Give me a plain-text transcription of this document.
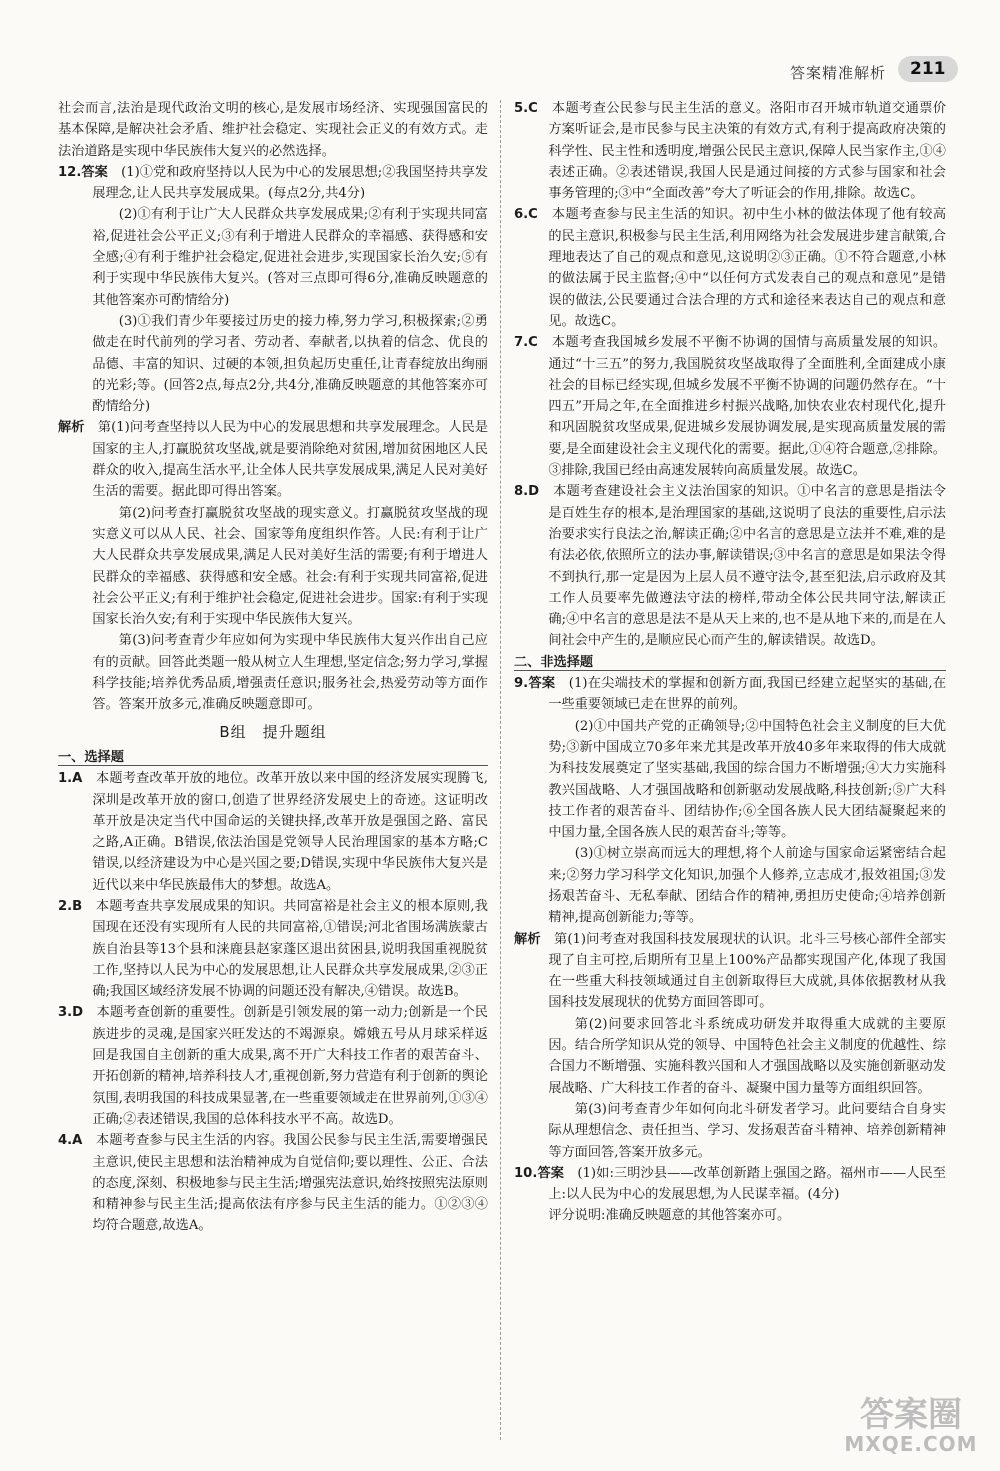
答案精准解析	211

社会而言,法治是现代政治文明的核心,是发展市场经济、实现强国富民的基本保障,是解决社会矛盾、维护社会稳定、实现社会正义的有效方式。走法治道路是实现中华民族伟大复兴的必然选择。

12.答案　 (1)①党和政府坚持以人民为中心的发展思想;②我国坚持共享发展理念,让人民共享发展成果。(每点2分,共4分)

(2)①有利于让广大人民群众共享发展成果;②有利于实现共同富裕,促进社会公平正义;③有利于增进人民群众的幸福感、获得感和安全感;④有利于维护社会稳定,促进社会进步,实现国家长治久安;⑤有利于实现中华民族伟大复兴。(答对三点即可得6分,准确反映题意的其他答案亦可酌情给分)

(3)①我们青少年要接过历史的接力棒,努力学习,积极探索;②勇做走在时代前列的学习者、劳动者、奉献者,以执着的信念、优良的品德、丰富的知识、过硬的本领,担负起历史重任,让青春绽放出绚丽的光彩;等。(回答2点,每点2分,共4分,准确反映题意的其他答案亦可酌情给分)

解析　 第(1)问考查坚持以人民为中心的发展思想和共享发展理念。人民是国家的主人,打赢脱贫攻坚战,就是要消除绝对贫困,增加贫困地区人民群众的收入,提高生活水平,让全体人民共享发展成果,满足人民对美好生活的需要。据此即可得出答案。

第(2)问考查打赢脱贫攻坚战的现实意义。打赢脱贫攻坚战的现实意义可以从人民、社会、国家等角度组织作答。人民:有利于让广大人民群众共享发展成果,满足人民对美好生活的需要;有利于增进人民群众的幸福感、获得感和安全感。社会:有利于实现共同富裕,促进社会公平正义;有利于维护社会稳定,促进社会进步。国家:有利于实现国家长治久安;有利于实现中华民族伟大复兴。

第(3)问考查青少年应如何为实现中华民族伟大复兴作出自己应有的贡献。回答此类题一般从树立人生理想,坚定信念;努力学习,掌握科学技能;培养优秀品质,增强责任意识;服务社会,热爱劳动等方面作答。答案开放多元,准确反映题意即可。

B组　提升题组

一、选择题

1.A　 本题考查改革开放的地位。改革开放以来中国的经济发展实现腾飞,深圳是改革开放的窗口,创造了世界经济发展史上的奇迹。这证明改革开放是决定当代中国命运的关键抉择,改革开放是强国之路、富民之路,A正确。B错误,依法治国是党领导人民治理国家的基本方略;C错误,以经济建设为中心是兴国之要;D错误,实现中华民族伟大复兴是近代以来中华民族最伟大的梦想。故选A。

2.B　 本题考查共享发展成果的知识。共同富裕是社会主义的根本原则,我国现在还没有实现所有人民的共同富裕,①错误;河北省围场满族蒙古族自治县等13个县和涞鹿县赵家蓬区退出贫困县,说明我国重视脱贫工作,坚持以人民为中心的发展思想,让人民群众共享发展成果,②③正确;我国区域经济发展不协调的问题还没有解决,④错误。故选B。

3.D　 本题考查创新的重要性。创新是引领发展的第一动力;创新是一个民族进步的灵魂,是国家兴旺发达的不竭源泉。嫦娥五号从月球采样返回是我国自主创新的重大成果,离不开广大科技工作者的艰苦奋斗、开拓创新的精神,培养科技人才,重视创新,努力营造有利于创新的舆论氛围,表明我国的科技成果显著,在一些重要领域走在世界前列,①③④正确;②表述错误,我国的总体科技水平不高。故选D。

4.A　 本题考查参与民主生活的内容。我国公民参与民主生活,需要增强民主意识,使民主思想和法治精神成为自觉信仰;要以理性、公正、合法的态度,深刻、积极地参与民主生活;增强宪法意识,始终按照宪法原则和精神参与民主生活;提高依法有序参与民主生活的能力。①②③④均符合题意,故选A。

5.C　 本题考查公民参与民主生活的意义。洛阳市召开城市轨道交通票价方案听证会,是市民参与民主决策的有效方式,有利于提高政府决策的科学性、民主性和透明度,增强公民民主意识,保障人民当家作主,①④表述正确。②表述错误,我国人民是通过间接的方式参与国家和社会事务管理的;③中“全面改善”夸大了听证会的作用,排除。故选C。

6.C　 本题考查参与民主生活的知识。初中生小林的做法体现了他有较高的民主意识,积极参与民主生活,利用网络为社会发展进步建言献策,合理地表达了自己的观点和意见,这说明②③正确。①不符合题意,小林的做法属于民主监督;④中“以任何方式发表自己的观点和意见”是错误的做法,公民要通过合法合理的方式和途径来表达自己的观点和意见。故选C。

7.C　 本题考查我国城乡发展不平衡不协调的国情与高质量发展的知识。通过“十三五”的努力,我国脱贫攻坚战取得了全面胜利,全面建成小康社会的目标已经实现,但城乡发展不平衡不协调的问题仍然存在。“十四五”开局之年,在全面推进乡村振兴战略,加快农业农村现代化,提升和巩固脱贫攻坚成果,促进城乡发展协调发展,是实现高质量发展的需要,是全面建设社会主义现代化的需要。据此,①④符合题意,②排除。③排除,我国已经由高速发展转向高质量发展。故选C。

8.D　 本题考查建设社会主义法治国家的知识。①中名言的意思是指法令是百姓生存的根本,是治理国家的基础,这说明了良法的重要性,启示法治要求实行良法之治,解读正确;②中名言的意思是立法并不难,难的是有法必依,依照所立的法办事,解读错误;③中名言的意思是如果法令得不到执行,那一定是因为上层人员不遵守法令,甚至犯法,启示政府及其工作人员要率先做遵法守法的榜样,带动全体公民共同守法,解读正确;④中名言的意思是法不是从天上来的,也不是从地下来的,而是在人间社会中产生的,是顺应民心而产生的,解读错误。故选D。

二、非选择题

9.答案　 (1)在尖端技术的掌握和创新方面,我国已经建立起坚实的基础,在一些重要领域已走在世界的前列。

(2)①中国共产党的正确领导;②中国特色社会主义制度的巨大优势;③新中国成立70多年来尤其是改革开放40多年来取得的伟大成就为科技发展奠定了坚实基础,我国的综合国力不断增强;④大力实施科教兴国战略、人才强国战略和创新驱动发展战略,科技创新;⑤广大科技工作者的艰苦奋斗、团结协作;⑥全国各族人民大团结凝聚起来的中国力量,全国各族人民的艰苦奋斗;等等。

(3)①树立崇高而远大的理想,将个人前途与国家命运紧密结合起来;②努力学习科学文化知识,加强个人修养,立志成才,报效祖国;③发扬艰苦奋斗、无私奉献、团结合作的精神,勇担历史使命;④培养创新精神,提高创新能力;等等。

解析　 第(1)问考查对我国科技发展现状的认识。北斗三号核心部件全部实现了自主可控,后期所有卫星上100%产品都实现国产化,体现了我国在一些重大科技领域通过自主创新取得巨大成就,具体依据教材从我国科技发展现状的优势方面回答即可。

第(2)问要求回答北斗系统成功研发并取得重大成就的主要原因。结合所学知识从党的领导、中国特色社会主义制度的优越性、综合国力不断增强、实施科教兴国和人才强国战略以及实施创新驱动发展战略、广大科技工作者的奋斗、凝聚中国力量等方面组织回答。

第(3)问考查青少年如何向北斗研发者学习。此问要结合自身实际从理想信念、责任担当、学习、发扬艰苦奋斗精神、培养创新精神等方面回答,答案开放多元。

10.答案　 (1)如:三明沙县——改革创新踏上强国之路。福州市——人民至上:以人民为中心的发展思想,为人民谋幸福。(4分)

评分说明:准确反映题意的其他答案亦可。

答案圈
MXQE.COM
